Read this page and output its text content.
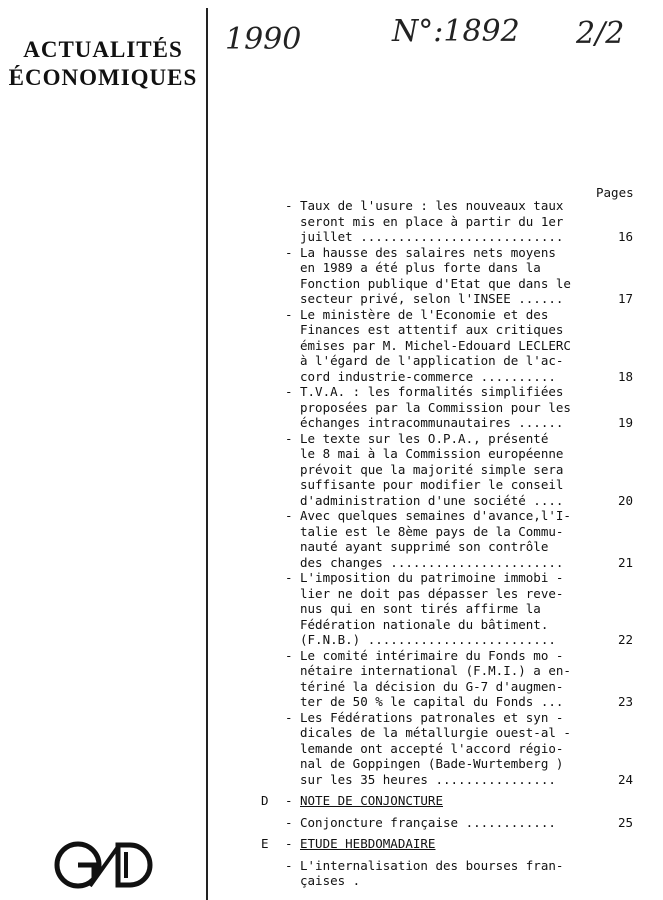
ACTUALITÉS
ÉCONOMIQUES
1990	N°:1892 2/2
Pages
- Taux de l'usure : les nouveaux taux
seront mis en place à partir du 1er
juillet ...........................	16
- La hausse des salaires nets moyens
en 1989 a été plus forte dans la
Fonction publique d'Etat que dans le
secteur privé, selon l'INSEE ......	17
- Le ministère de l'Economie et des
Finances est attentif aux critiques
émises par M. Michel-Edouard LECLERC
à l'égard de l'application de l'ac-
cord industrie-commerce ..........	18
- T.V.A. : les formalités simplifiées
proposées par la Commission pour les
échanges intracommunautaires ......	19
- Le texte sur les O.P.A., présenté
le 8 mai à la Commission européenne
prévoit que la majorité simple sera
suffisante pour modifier le conseil
d'administration d'une société ....	20
- Avec quelques semaines d'avance,l'I-
talie est le 8ème pays de la Commu-
nauté ayant supprimé son contrôle
des changes .......................	21
- L'imposition du patrimoine immobi -
lier ne doit pas dépasser les reve-
nus qui en sont tirés affirme la
Fédération nationale du bâtiment.
(F.N.B.) .........................	22
- Le comité intérimaire du Fonds mo -
nétaire international (F.M.I.) a en-
tériné la décision du G-7 d'augmen-
ter de 50 % le capital du Fonds ...	23
- Les Fédérations patronales et syn -
dicales de la métallurgie ouest-al -
lemande ont accepté l'accord régio-
nal de Goppingen (Bade-Wurtemberg )
sur les 35 heures ................	24
D - NOTE DE CONJONCTURE
- Conjoncture française ............	25
E - ETUDE HEBDOMADAIRE
- L'internalisation des bourses fran-
çaises .
